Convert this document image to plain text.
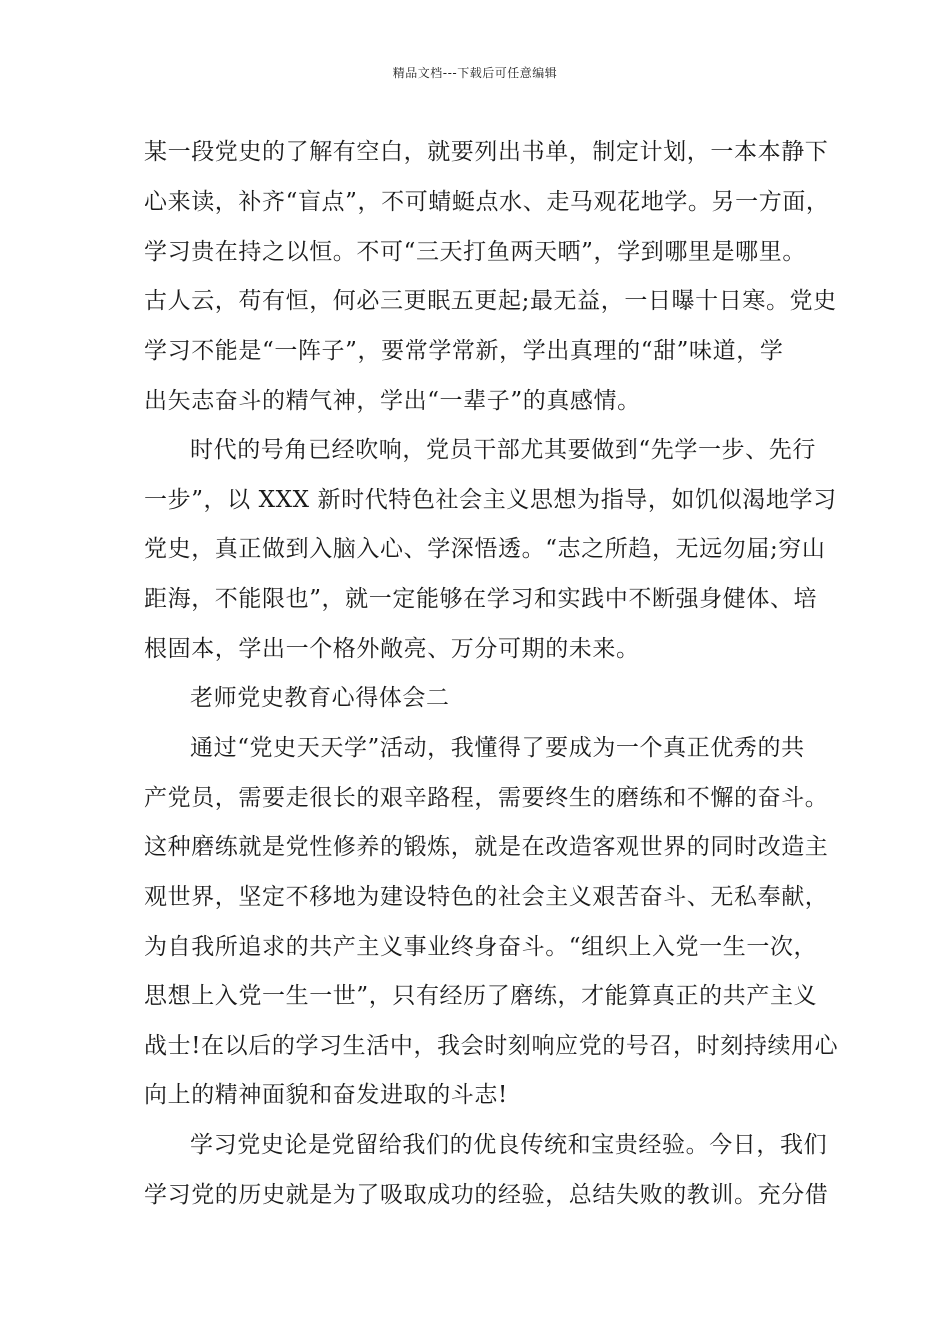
精品文档---下载后可任意编辑
某一段党史的了解有空白，就要列出书单，制定计划，一本本静下
心来读，补齐“盲点”，不可蜻蜓点水、走马观花地学。另一方面，
学习贵在持之以恒。不可“三天打鱼两天晒”，学到哪里是哪里。
古人云，苟有恒，何必三更眠五更起;最无益，一日曝十日寒。党史
学习不能是“一阵子”，要常学常新，学出真理的“甜”味道，学
出矢志奋斗的精气神，学出“一辈子”的真感情。
时代的号角已经吹响，党员干部尤其要做到“先学一步、先行
一步”，以 XXX 新时代特色社会主义思想为指导，如饥似渴地学习
党史，真正做到入脑入心、学深悟透。“志之所趋，无远勿届;穷山
距海，不能限也”，就一定能够在学习和实践中不断强身健体、培
根固本，学出一个格外敞亮、万分可期的未来。
老师党史教育心得体会二
通过“党史天天学”活动，我懂得了要成为一个真正优秀的共
产党员，需要走很长的艰辛路程，需要终生的磨练和不懈的奋斗。
这种磨练就是党性修养的锻炼，就是在改造客观世界的同时改造主
观世界，坚定不移地为建设特色的社会主义艰苦奋斗、无私奉献，
为自我所追求的共产主义事业终身奋斗。“组织上入党一生一次，
思想上入党一生一世”，只有经历了磨练，才能算真正的共产主义
战士!在以后的学习生活中，我会时刻响应党的号召，时刻持续用心
向上的精神面貌和奋发进取的斗志!
学习党史论是党留给我们的优良传统和宝贵经验。今日，我们
学习党的历史就是为了吸取成功的经验，总结失败的教训。充分借
